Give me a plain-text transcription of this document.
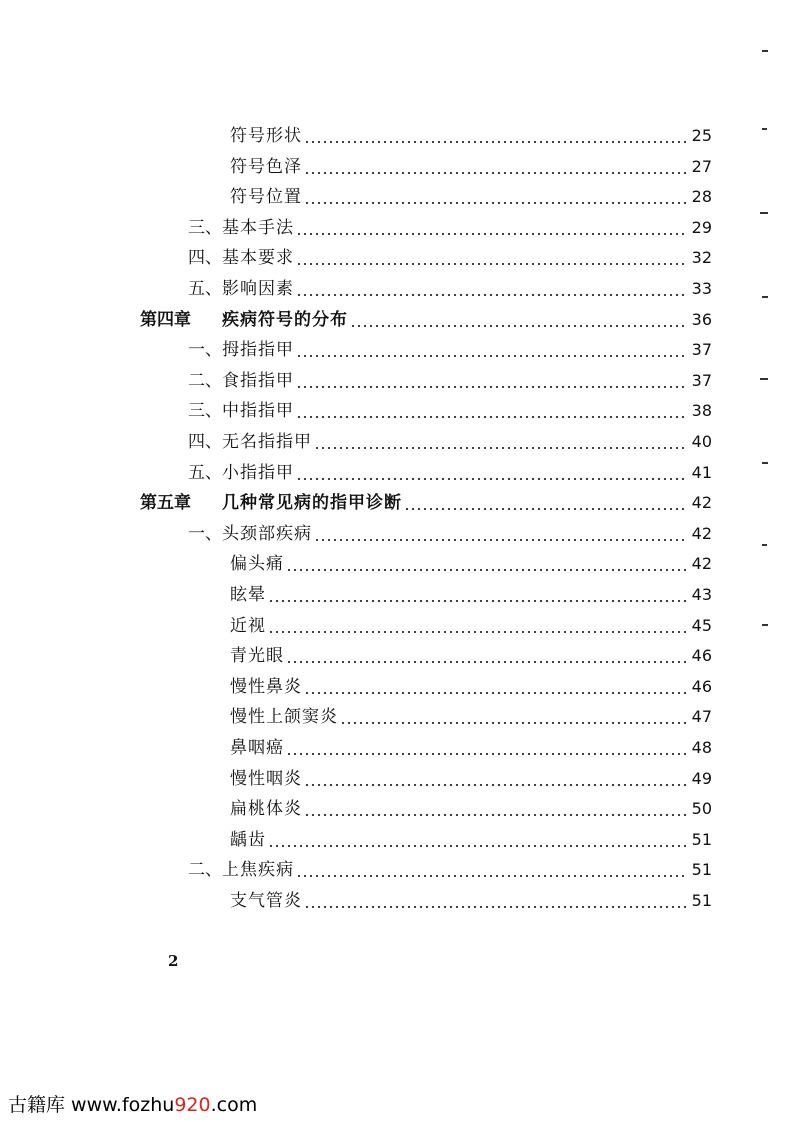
符号形状	25
符号色泽	27
符号位置	28
三、 基本手法	29
四、 基本要求	32
五、 影响因素	33
第四章	疾病符号的分布	36
一、 拇指指甲	37
二、 食指指甲	37
三、 中指指甲	38
四、 无名指指甲	40
五、 小指指甲	41
第五章	几种常见病的指甲诊断	42
一、 头颈部疾病	42
偏头痛	42
眩晕	43
近视	45
青光眼	46
慢性鼻炎	46
慢性上颌窦炎	47
鼻咽癌	48
慢性咽炎	49
扁桃体炎	50
龋齿	51
二、 上焦疾病	51
支气管炎	51
2
古籍库 www.fozhu920.com
